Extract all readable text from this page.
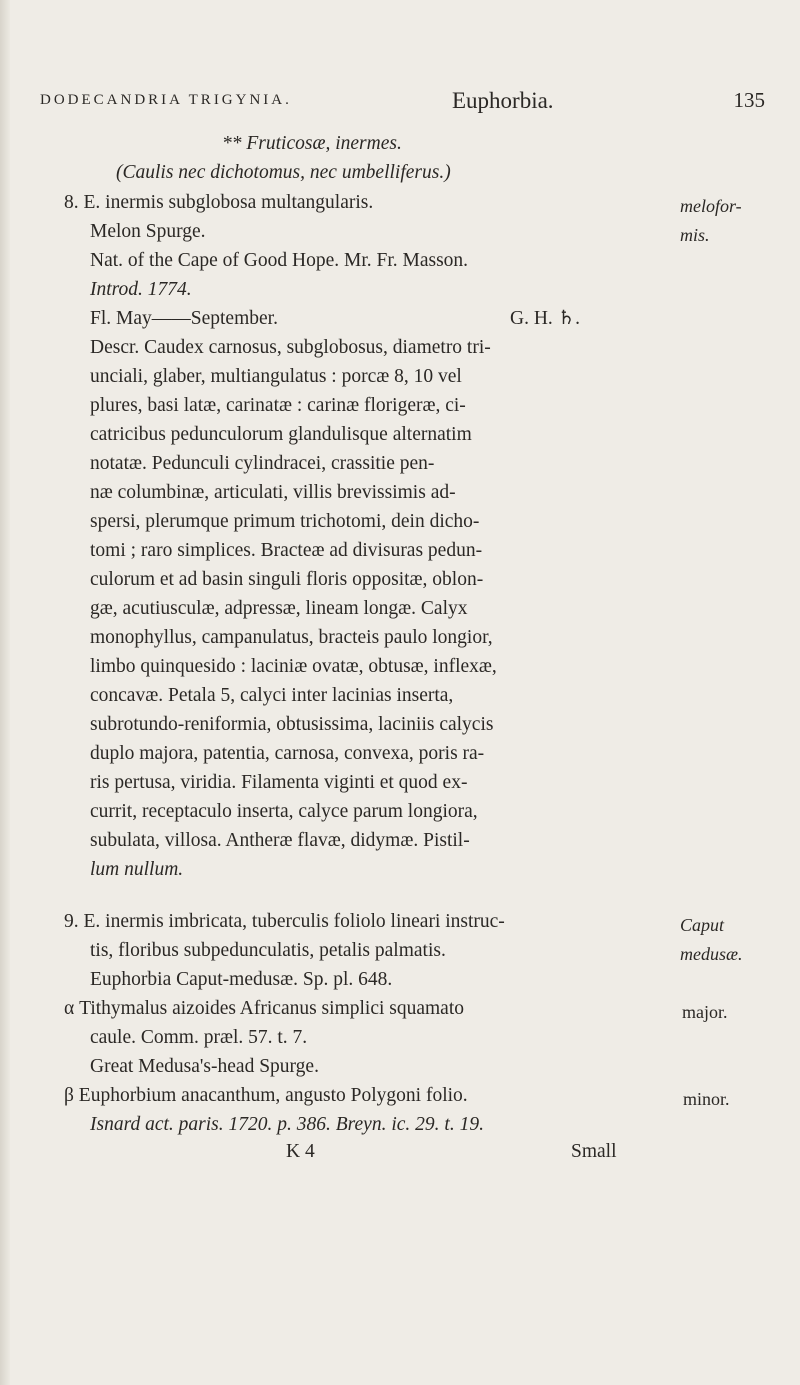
DODECANDRIA TRIGYNIA.	Euphorbia.	135
** Fruticosæ, inermes.
(Caulis nec dichotomus, nec umbelliferus.)
8. E. inermis subglobosa multangularis.
Melon Spurge.
Nat. of the Cape of Good Hope. Mr. Fr. Masson.
Introd. 1774.
Fl. May——September.	G. H. ♄.
Descr. Caudex carnosus, subglobosus, diametro tri-
unciali, glaber, multiangulatus : porcæ 8, 10 vel
plures, basi latæ, carinatæ : carinæ florigeræ, ci-
catricibus pedunculorum glandulisque alternatim
notatæ. Pedunculi cylindracei, crassitie pen-
næ columbinæ, articulati, villis brevissimis ad-
spersi, plerumque primum trichotomi, dein dicho-
tomi ; raro simplices. Bracteæ ad divisuras pedun-
culorum et ad basin singuli floris oppositæ, oblon-
gæ, acutiusculæ, adpressæ, lineam longæ. Calyx
monophyllus, campanulatus, bracteis paulo longior,
limbo quinquesido : laciniæ ovatæ, obtusæ, inflexæ,
concavæ. Petala 5, calyci inter lacinias inserta,
subrotundo-reniformia, obtusissima, laciniis calycis
duplo majora, patentia, carnosa, convexa, poris ra-
ris pertusa, viridia. Filamenta viginti et quod ex-
currit, receptaculo inserta, calyce parum longiora,
subulata, villosa. Antheræ flavæ, didymæ. Pistil-
lum nullum.
melofor-
mis.
9. E. inermis imbricata, tuberculis foliolo lineari instruc-
tis, floribus subpedunculatis, petalis palmatis.
Euphorbia Caput-medusæ. Sp. pl. 648.
α Tithymalus aizoides Africanus simplici squamato
caule. Comm. præl. 57. t. 7.
Great Medusa's-head Spurge.
β Euphorbium anacanthum, angusto Polygoni folio.
Isnard act. paris. 1720. p. 386. Breyn. ic. 29. t. 19.
Caput
medusæ.
major.
minor.
K 4	Small
